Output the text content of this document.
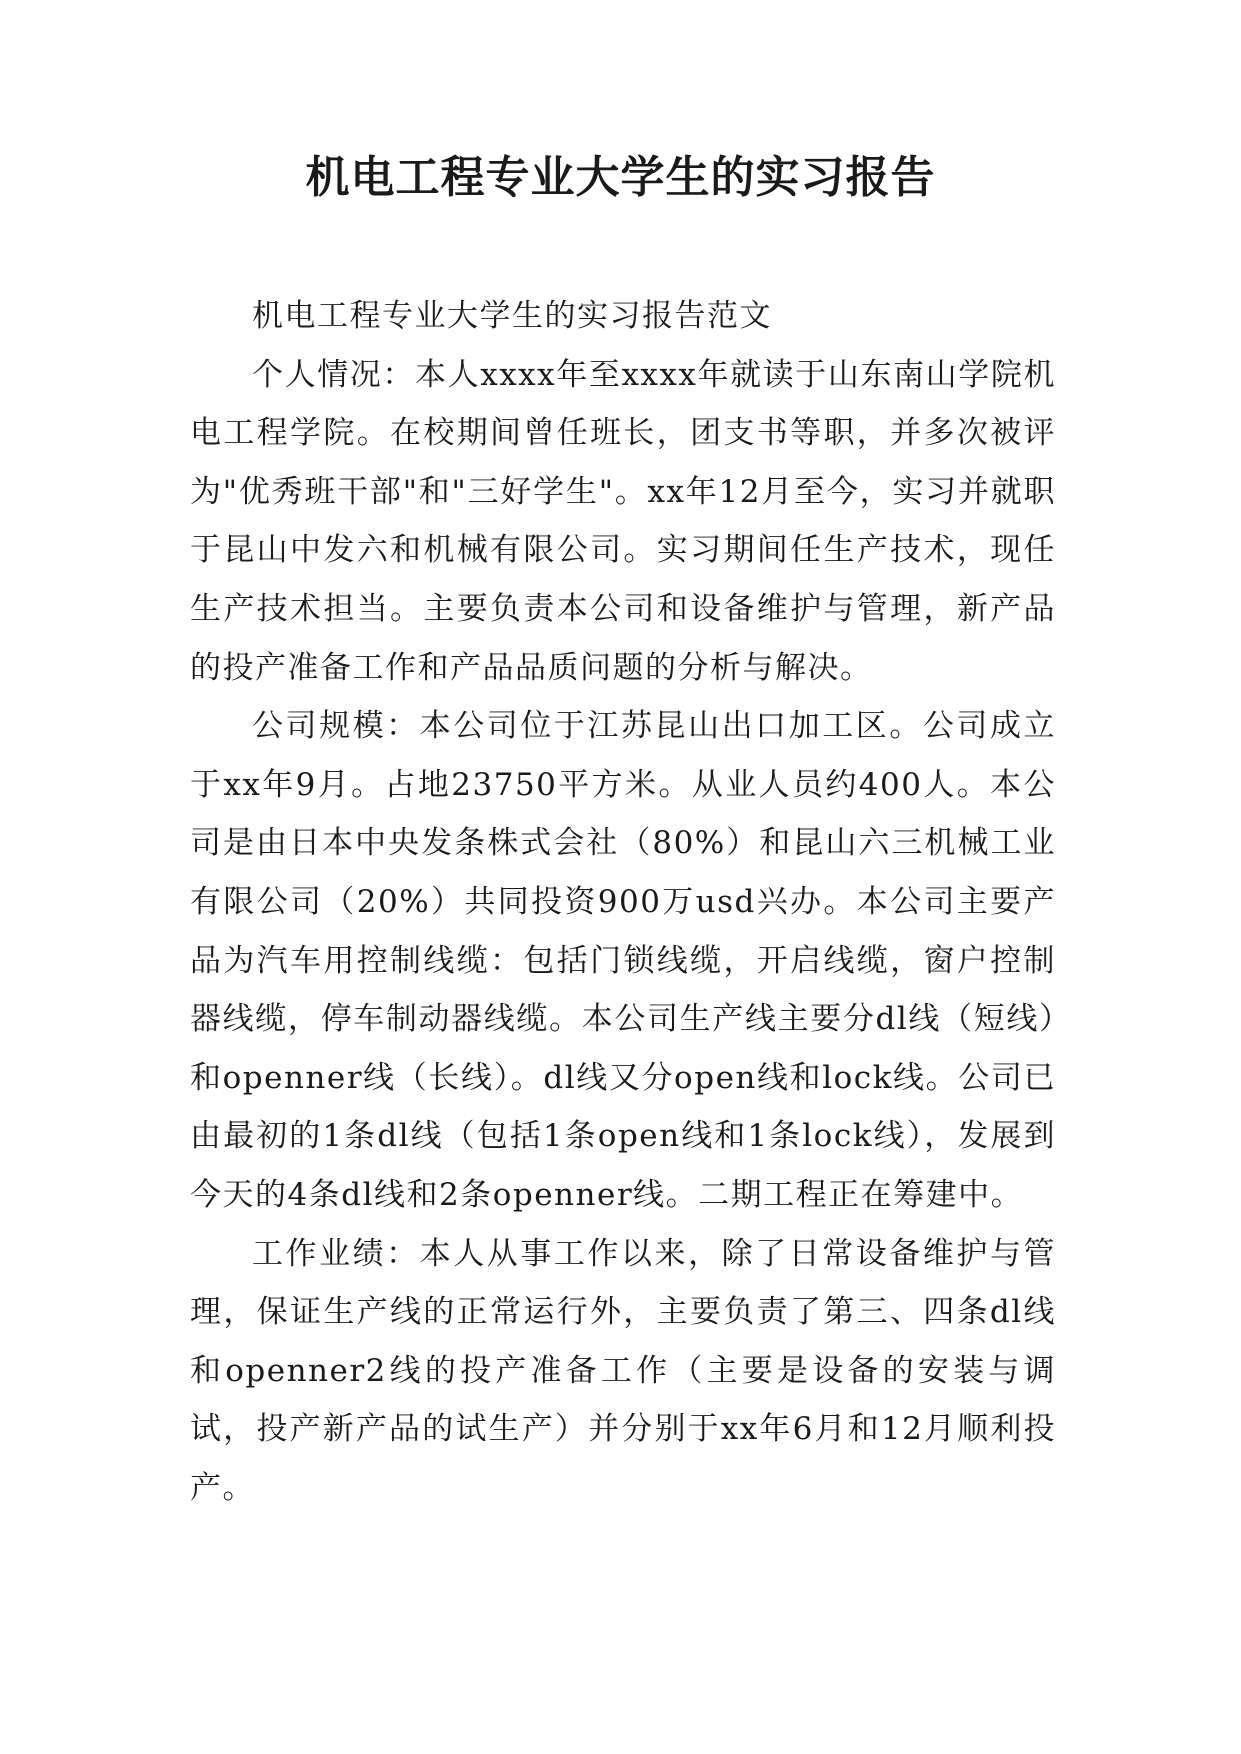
机电工程专业大学生的实习报告

机电工程专业大学生的实习报告范文

个人情况：本人xxxx年至xxxx年就读于山东南山学院机电工程学院。在校期间曾任班长，团支书等职，并多次被评为"优秀班干部"和"三好学生"。xx年12月至今，实习并就职于昆山中发六和机械有限公司。实习期间任生产技术，现任生产技术担当。主要负责本公司和设备维护与管理，新产品的投产准备工作和产品品质问题的分析与解决。

公司规模：本公司位于江苏昆山出口加工区。公司成立于xx年9月。占地23750平方米。从业人员约400人。本公司是由日本中央发条株式会社（80%）和昆山六三机械工业有限公司（20%）共同投资900万usd兴办。本公司主要产品为汽车用控制线缆：包括门锁线缆，开启线缆，窗户控制器线缆，停车制动器线缆。本公司生产线主要分dl线（短线）和openner线（长线）。dl线又分open线和lock线。公司已由最初的1条dl线（包括1条open线和1条lock线），发展到今天的4条dl线和2条openner线。二期工程正在筹建中。

工作业绩：本人从事工作以来，除了日常设备维护与管理，保证生产线的正常运行外，主要负责了第三、四条dl线和openner2线的投产准备工作（主要是设备的安装与调试，投产新产品的试生产）并分别于xx年6月和12月顺利投产。
